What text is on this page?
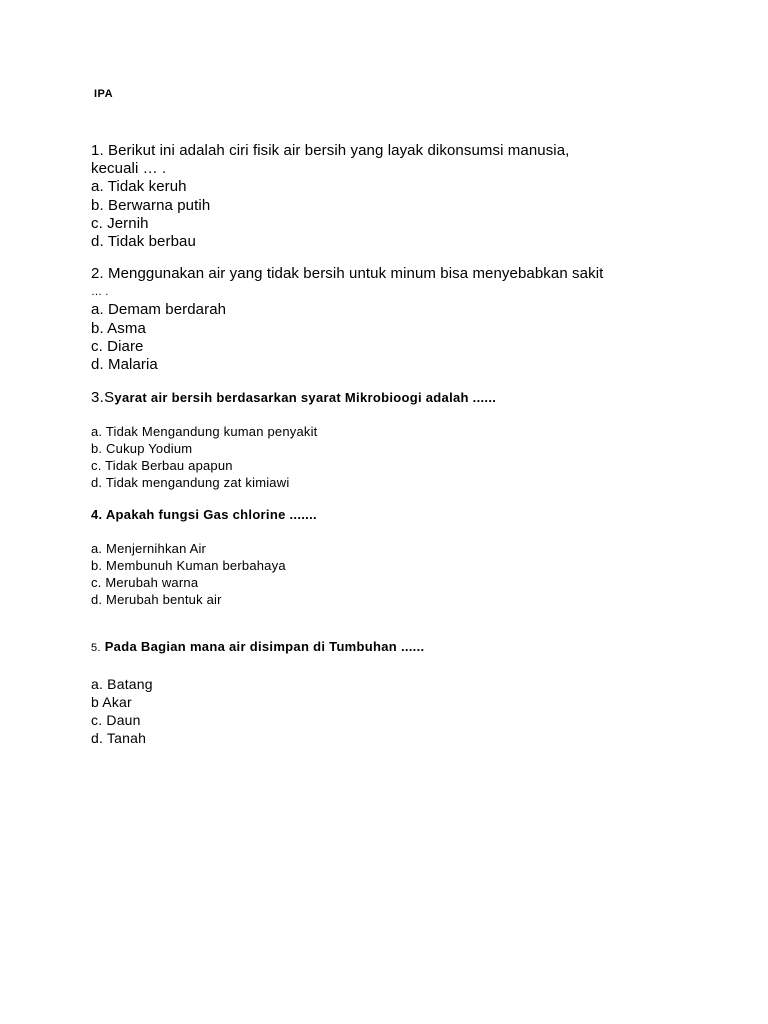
IPA

1. Berikut ini adalah ciri fisik air bersih yang layak dikonsumsi manusia,
kecuali … .
a. Tidak keruh
b. Berwarna putih
c. Jernih
d. Tidak berbau
2. Menggunakan air yang tidak bersih untuk minum bisa menyebabkan sakit
… .
a. Demam berdarah
b. Asma
c. Diare
d. Malaria
3.Syarat air bersih berdasarkan syarat Mikrobioogi adalah ......
a. Tidak Mengandung kuman penyakit
b. Cukup Yodium
c. Tidak Berbau apapun
d. Tidak mengandung zat kimiawi
4. Apakah fungsi Gas chlorine .......
a. Menjernihkan Air
b. Membunuh Kuman berbahaya
c. Merubah warna
d. Merubah bentuk air
5. Pada Bagian mana air disimpan di Tumbuhan ......
a. Batang
b Akar
c. Daun
d. Tanah
